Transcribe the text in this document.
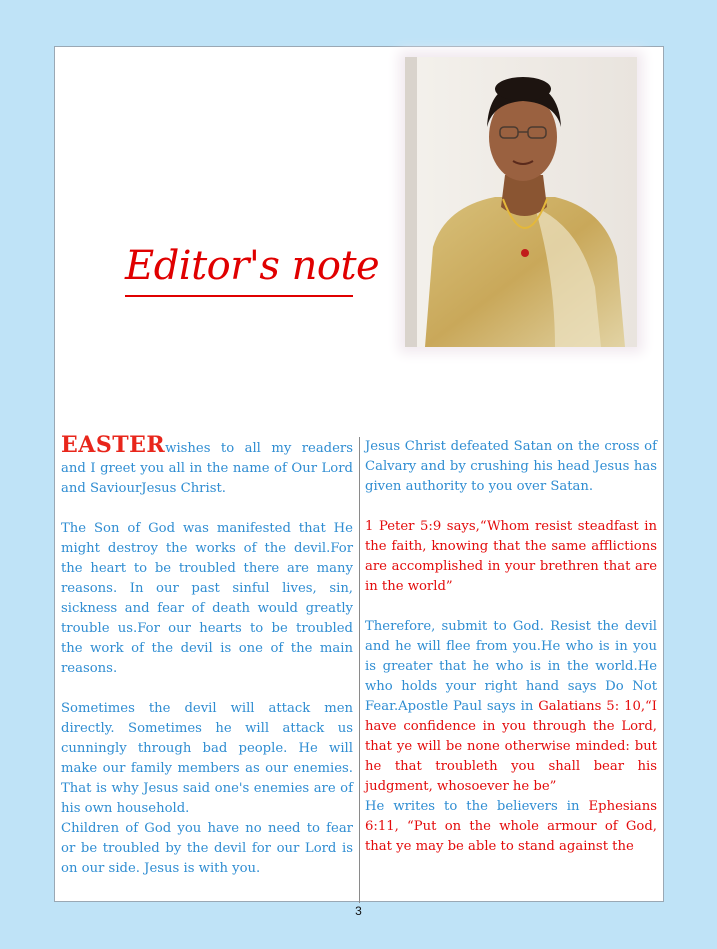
Editor's note

EASTERwishes to all my readers and I greet you all in the name of Our Lord and SaviourJesus Christ.

The Son of God was manifested that He might destroy the works of the devil.For the heart to be troubled there are many reasons. In our past sinful lives, sin, sickness and fear of death would greatly trouble us.For our hearts to be troubled the work of the devil is one of the main reasons.

Sometimes the devil will attack men directly. Sometimes he will attack us cunningly through bad people. He will make our family members as our enemies. That is why Jesus said one's enemies are of his own household.

Children of God you have no need to fear or be troubled by the devil for our Lord is on our side. Jesus is with you.

Jesus Christ defeated Satan on the cross of Calvary and by crushing his head Jesus has given authority to you over Satan.

1 Peter 5:9 says,“Whom resist steadfast in the faith, knowing that the same afflictions are accomplished in your brethren that are in the world”

Therefore, submit to God. Resist the devil and he will flee from you.He who is in you is greater that he who is in the world.He who holds your right hand says Do Not Fear.Apostle Paul says in Galatians 5: 10,“I have confidence in you through the Lord, that ye will be none otherwise minded: but he that troubleth you shall bear his judgment, whosoever he be”

He writes to the believers in Ephesians 6:11, “Put on the whole armour of God, that ye may be able to stand against the

3
